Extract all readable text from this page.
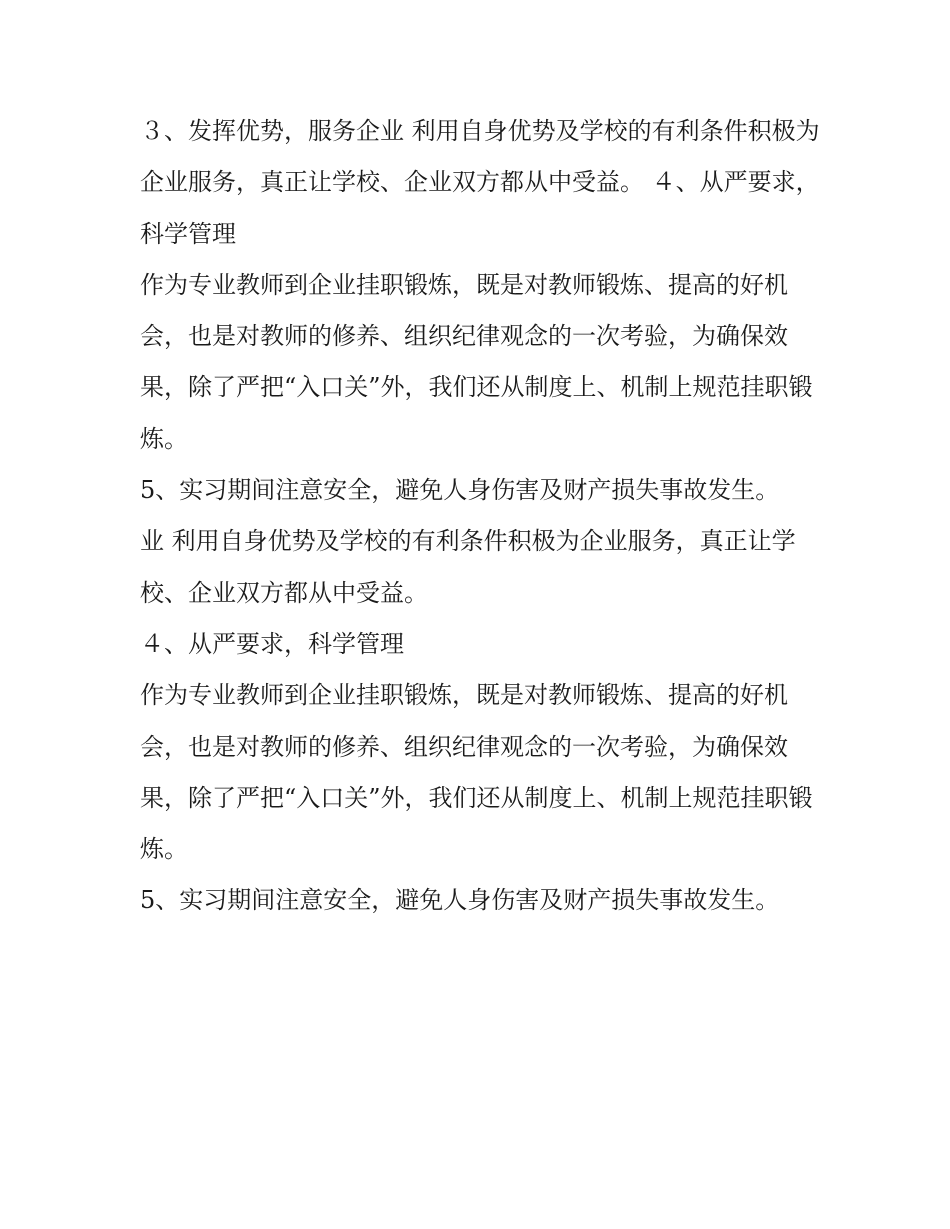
３、发挥优势，服务企业 利用自身优势及学校的有利条件积极为企业服务，真正让学校、企业双方都从中受益。 ４、从严要求，科学管理

作为专业教师到企业挂职锻炼，既是对教师锻炼、提高的好机会，也是对教师的修养、组织纪律观念的一次考验，为确保效果，除了严把“入口关”外，我们还从制度上、机制上规范挂职锻炼。

5、实习期间注意安全，避免人身伤害及财产损失事故发生。

业 利用自身优势及学校的有利条件积极为企业服务，真正让学校、企业双方都从中受益。

４、从严要求，科学管理

作为专业教师到企业挂职锻炼，既是对教师锻炼、提高的好机会，也是对教师的修养、组织纪律观念的一次考验，为确保效果，除了严把“入口关”外，我们还从制度上、机制上规范挂职锻炼。

5、实习期间注意安全，避免人身伤害及财产损失事故发生。
